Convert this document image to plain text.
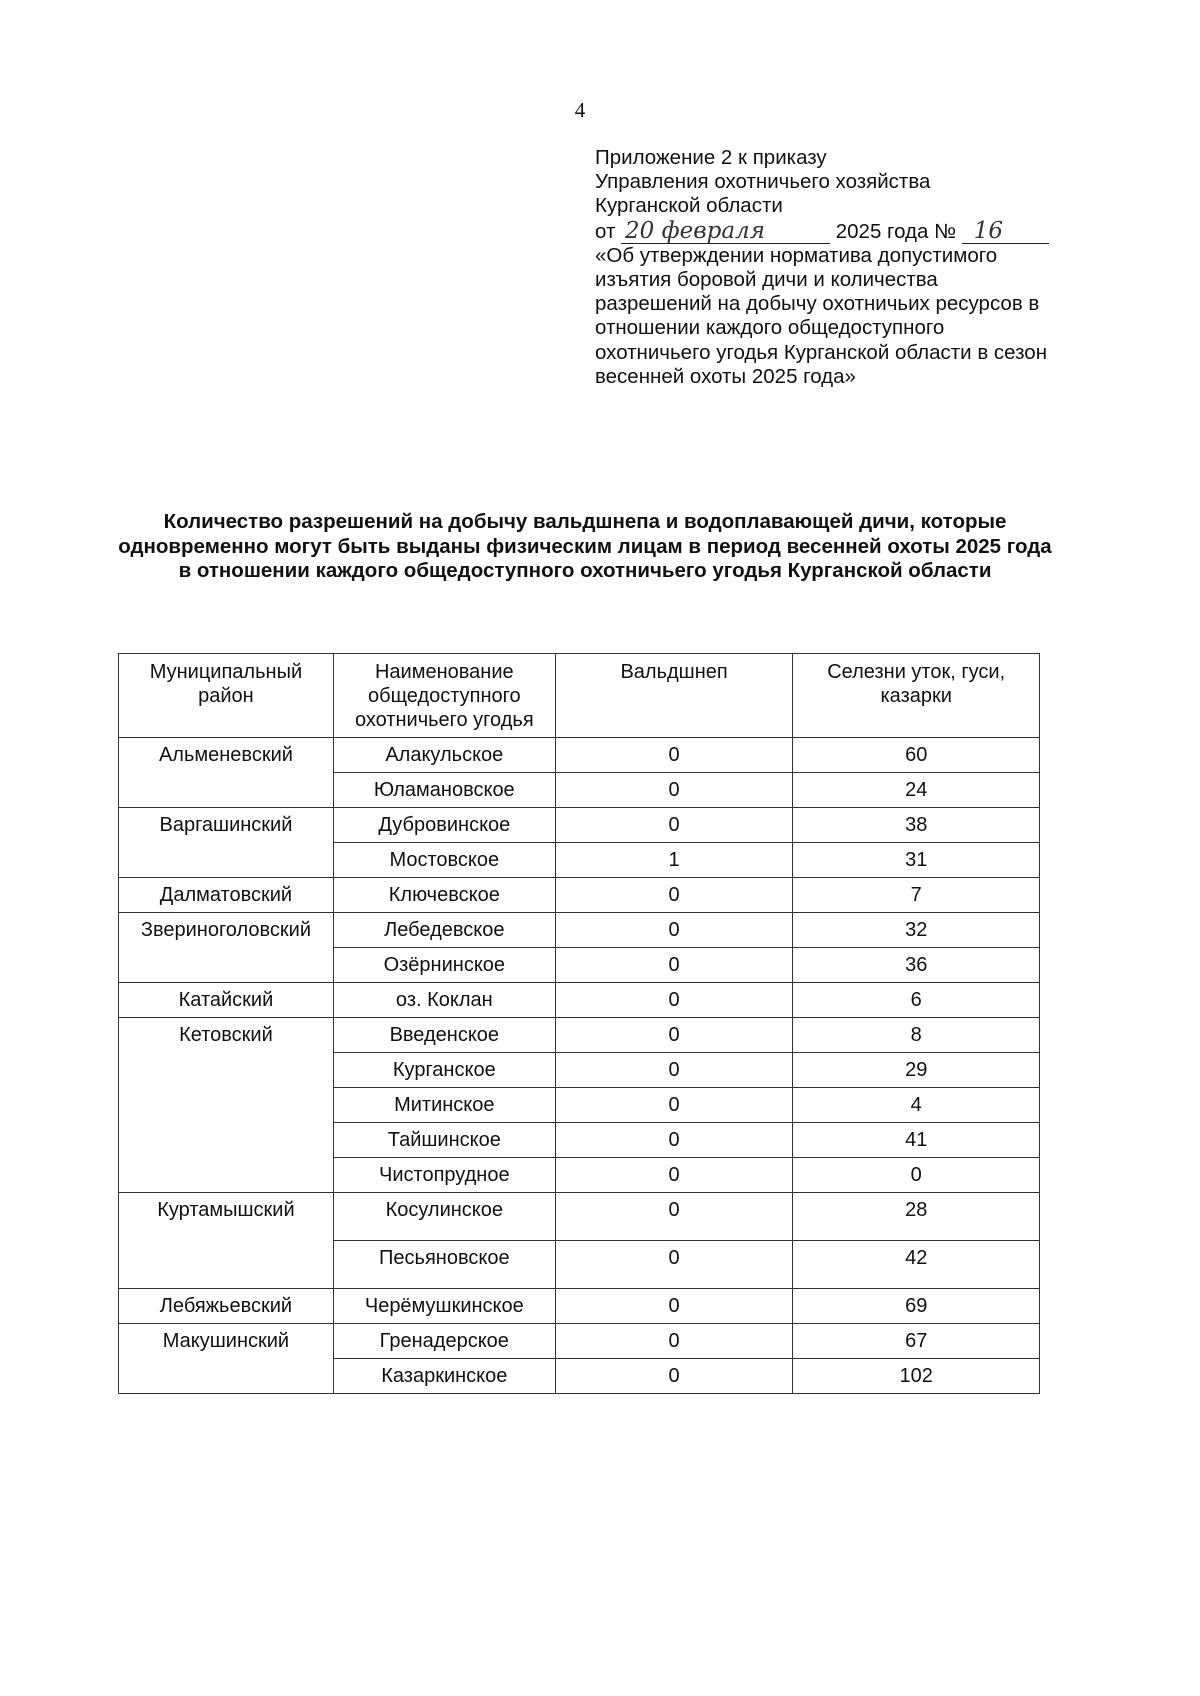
4
Приложение 2 к приказу
Управления охотничьего хозяйства
Курганской области
от 20 февраля	2025 года № 16
«Об утверждении норматива допустимого изъятия боровой дичи и количества разрешений на добычу охотничьих ресурсов в отношении каждого общедоступного охотничьего угодья Курганской области в сезон весенней охоты 2025 года»
Количество разрешений на добычу вальдшнепа и водоплавающей дичи, которые одновременно могут быть выданы физическим лицам в период весенней охоты 2025 года в отношении каждого общедоступного охотничьего угодья Курганской области
Муниципальный район	Наименование общедоступного охотничьего угодья	Вальдшнеп	Селезни уток, гуси, казарки
Альменевский	Алакульское	0	60
	Юламановское	0	24
Варгашинский	Дубровинское	0	38
	Мостовское	1	31
Далматовский	Ключевское	0	7
Звериноголовский	Лебедевское	0	32
	Озёрнинское	0	36
Катайский	оз. Коклан	0	6
Кетовский	Введенское	0	8
	Курганское	0	29
	Митинское	0	4
	Тайшинское	0	41
	Чистопрудное	0	0
Куртамышский	Косулинское	0	28
	Песьяновское	0	42
Лебяжьевский	Черёмушкинское	0	69
Макушинский	Гренадерское	0	67
	Казаркинское	0	102
